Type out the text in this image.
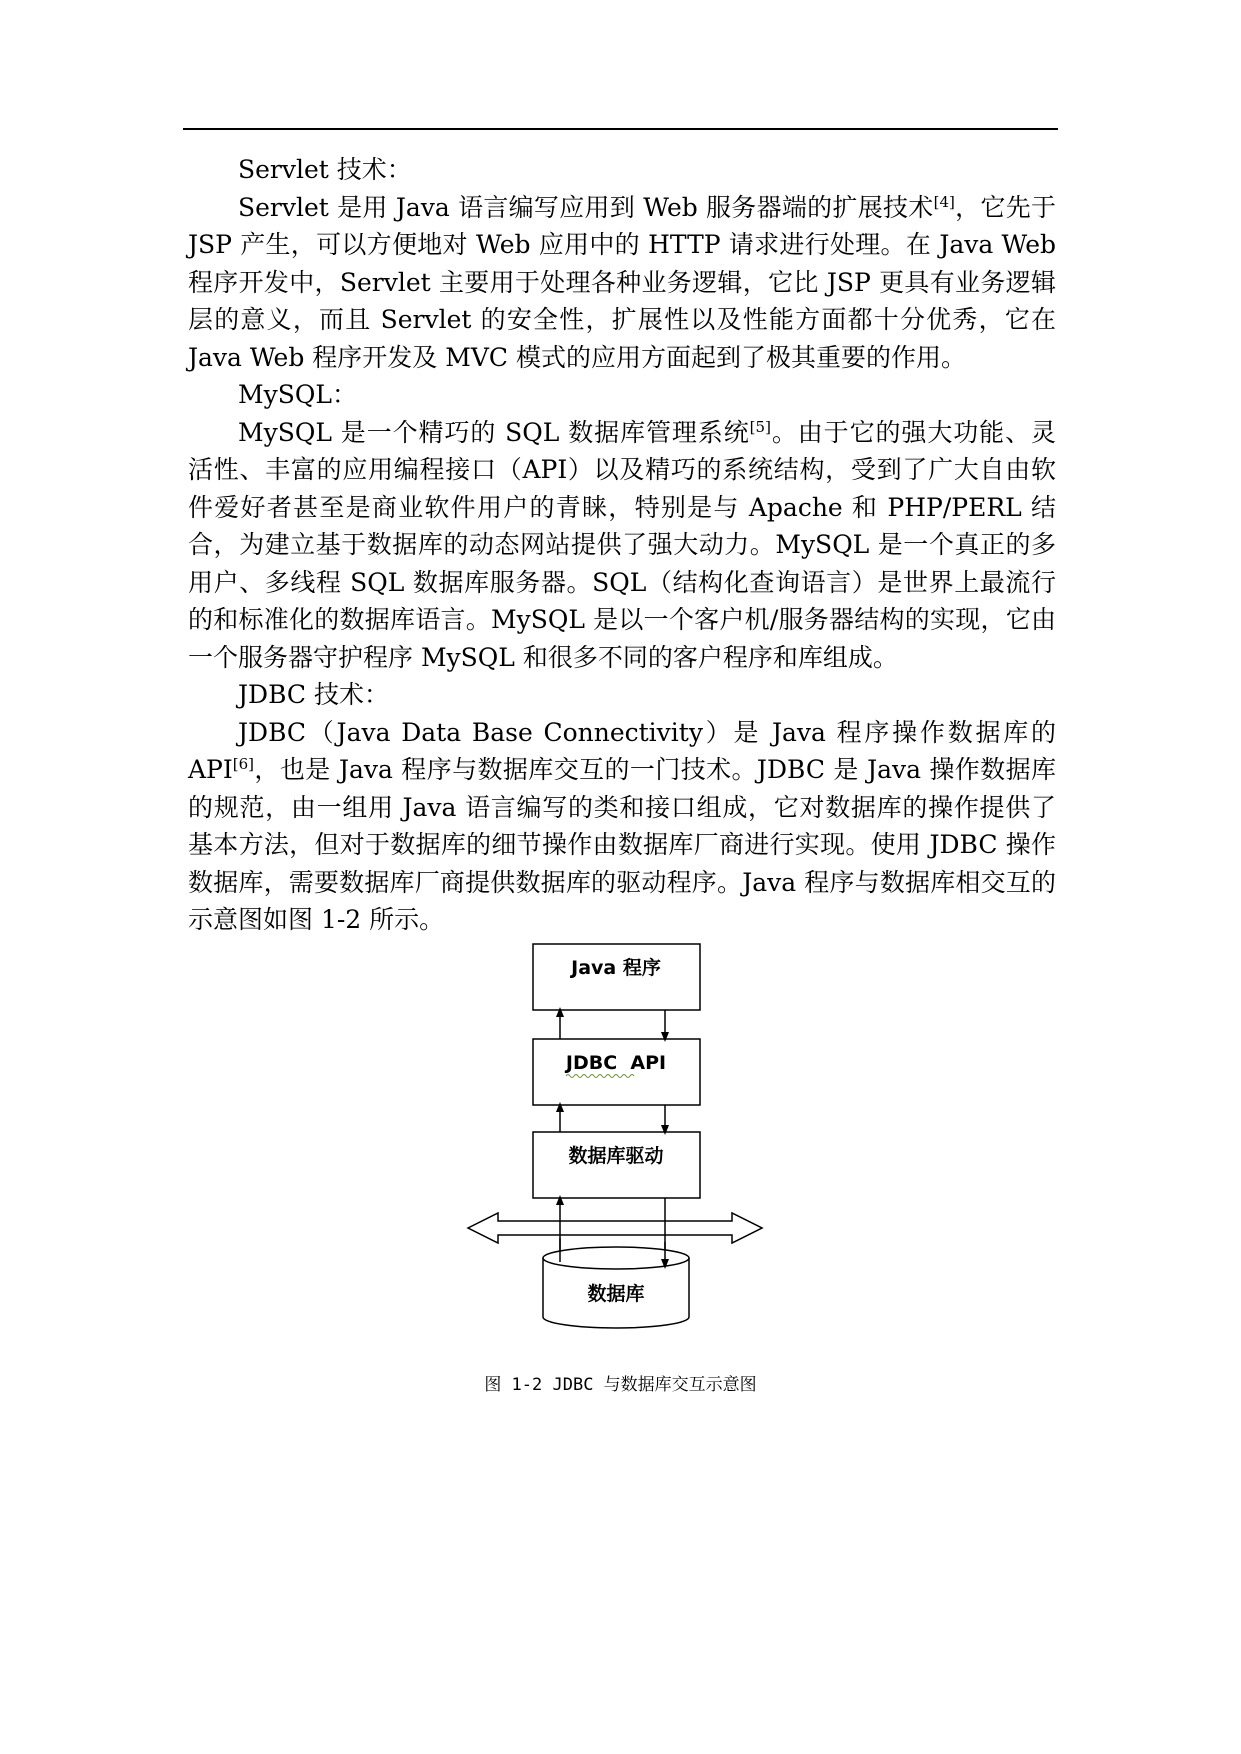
Servlet 技术：

Servlet 是用 Java 语言编写应用到 Web 服务器端的扩展技术[4]，它先于 JSP 产生，可以方便地对 Web 应用中的 HTTP 请求进行处理。在 Java Web 程序开发中，Servlet 主要用于处理各种业务逻辑，它比 JSP 更具有业务逻辑层的意义，而且 Servlet 的安全性，扩展性以及性能方面都十分优秀，它在 Java Web 程序开发及 MVC 模式的应用方面起到了极其重要的作用。

MySQL：

MySQL 是一个精巧的 SQL 数据库管理系统[5]。由于它的强大功能、灵活性、丰富的应用编程接口（API）以及精巧的系统结构，受到了广大自由软件爱好者甚至是商业软件用户的青睐，特别是与 Apache 和 PHP/PERL 结合，为建立基于数据库的动态网站提供了强大动力。MySQL 是一个真正的多用户、多线程 SQL 数据库服务器。SQL（结构化查询语言）是世界上最流行的和标准化的数据库语言。MySQL 是以一个客户机/服务器结构的实现，它由一个服务器守护程序 MySQL 和很多不同的客户程序和库组成。

JDBC 技术：

JDBC（Java Data Base Connectivity）是 Java 程序操作数据库的 API[6]，也是 Java 程序与数据库交互的一门技术。JDBC 是 Java 操作数据库的规范，由一组用 Java 语言编写的类和接口组成，它对数据库的操作提供了基本方法，但对于数据库的细节操作由数据库厂商进行实现。使用 JDBC 操作数据库，需要数据库厂商提供数据库的驱动程序。Java 程序与数据库相交互的示意图如图 1-2 所示。

Java 程序
JDBC  API
数据库驱动
数据库
图 1-2 JDBC 与数据库交互示意图
